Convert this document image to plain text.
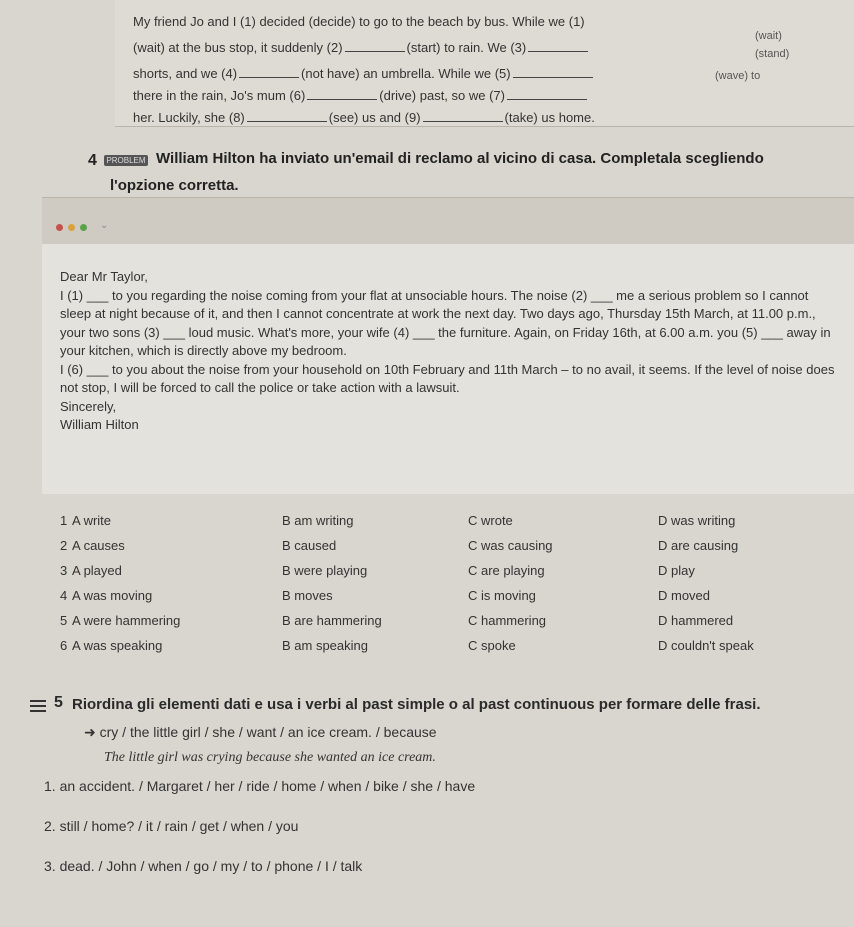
My friend Jo and I (1) decided (decide) to go to the beach by bus. While we (1)
(wait)
(wait) at the bus stop, it suddenly (2)	(start) to rain. We (3)	(stand)
shorts, and we (4)	(not have) an umbrella. While we (5)	(wave) to
there in the rain, Jo's mum (6)	(drive) past, so we (7)
her. Luckily, she (8)	(see) us and (9)	(take) us home.
4	PROBLEM William Hilton ha inviato un'email di reclamo al vicino di casa. Completala scegliendo
l'opzione corretta.
⌄

Dear Mr Taylor,

I (1) ___ to you regarding the noise coming from your flat at unsociable hours. The noise (2) ___ me a serious problem so I cannot sleep at night because of it, and then I cannot concentrate at work the next day. Two days ago, Thursday 15th March, at 11.00 p.m., your two sons (3) ___ loud music. What's more, your wife (4) ___ the furniture. Again, on Friday 16th, at 6.00 a.m. you (5) ___ away in your kitchen, which is directly above my bedroom.

I (6) ___ to you about the noise from your household on 10th February and 11th March – to no avail, it seems. If the level of noise does not stop, I will be forced to call the police or take action with a lawsuit.

Sincerely,

William Hilton

1 A write	B am writing	C wrote	D was writing
2 A causes	B caused	C was causing	D are causing
3 A played	B were playing	C are playing	D play
4 A was moving	B moves	C is moving	D moved
5 A were hammering	B are hammering	C hammering	D hammered
6 A was speaking	B am speaking	C spoke	D couldn't speak
5 Riordina gli elementi dati e usa i verbi al past simple o al past continuous per formare delle frasi.
➜ cry / the little girl / she / want / an ice cream. / because
The little girl was crying because she wanted an ice cream.
1. an accident. / Margaret / her / ride / home / when / bike / she / have
2. still / home? / it / rain / get / when / you
3. dead. / John / when / go / my / to / phone / I / talk
